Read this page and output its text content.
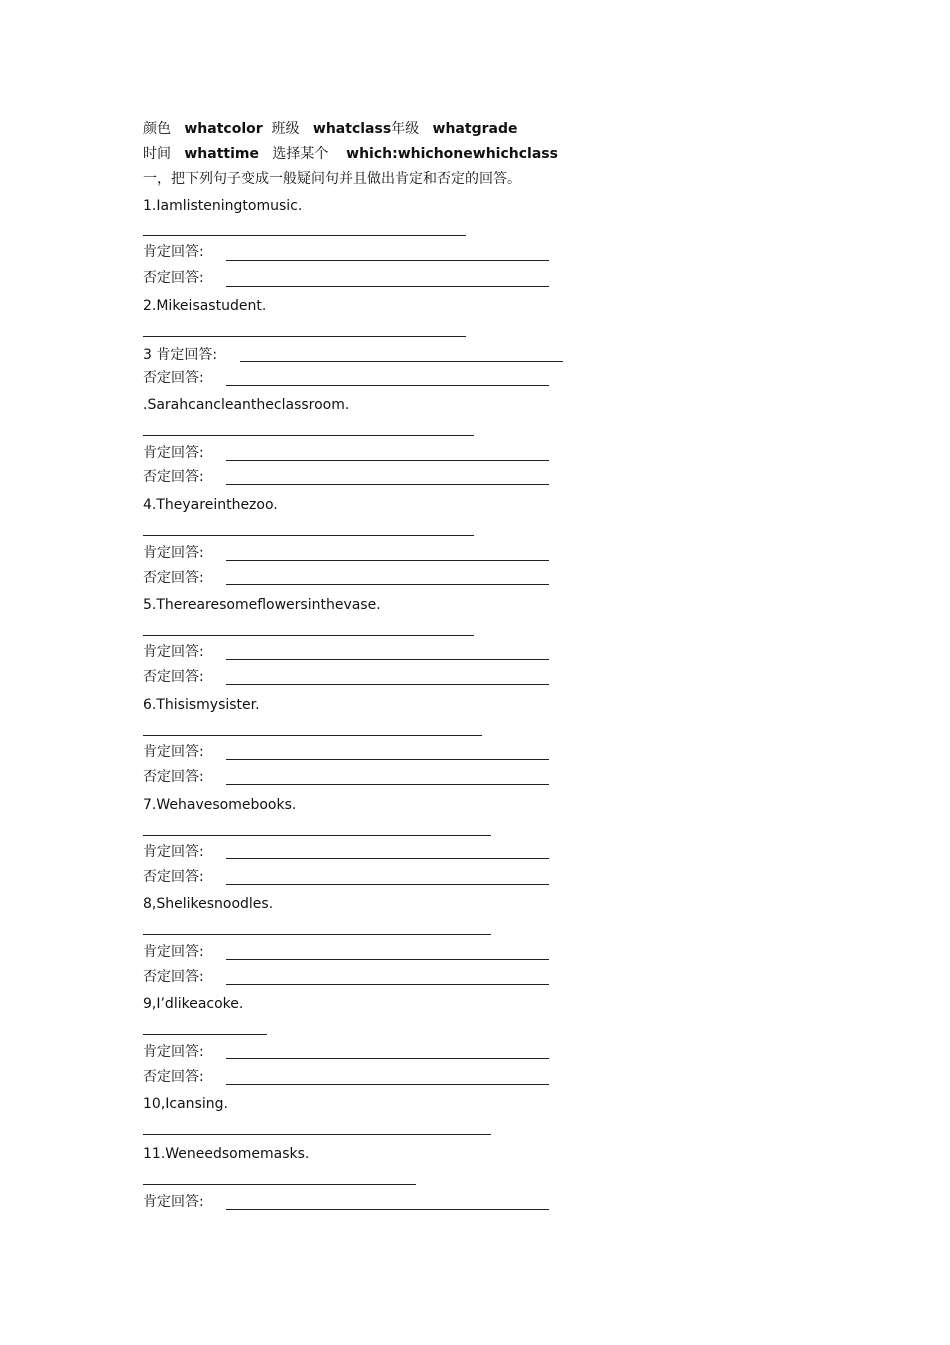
颜色 whatcolor 班级 whatclass年级 whatgrade
时间 whattime 选择某个 which:whichonewhichclass
一，把下列句子变成一般疑问句并且做出肯定和否定的回答。
1.Iamlisteningtomusic.
肯定回答:
否定回答:
2.Mikeisastudent.
3 肯定回答:
否定回答:
.Sarahcancleantheclassroom.
肯定回答:
否定回答:
4.Theyareinthezoo.
肯定回答:
否定回答:
5.Therearesomeflowersinthevase.
肯定回答:
否定回答:
6.Thisismysister.
肯定回答:
否定回答:
7.Wehavesomebooks.
肯定回答:
否定回答:
8,Shelikesnoodles.
肯定回答:
否定回答:
9,I’dlikeacoke.
肯定回答:
否定回答:
10,Icansing.
11.Weneedsomemasks.
肯定回答:
